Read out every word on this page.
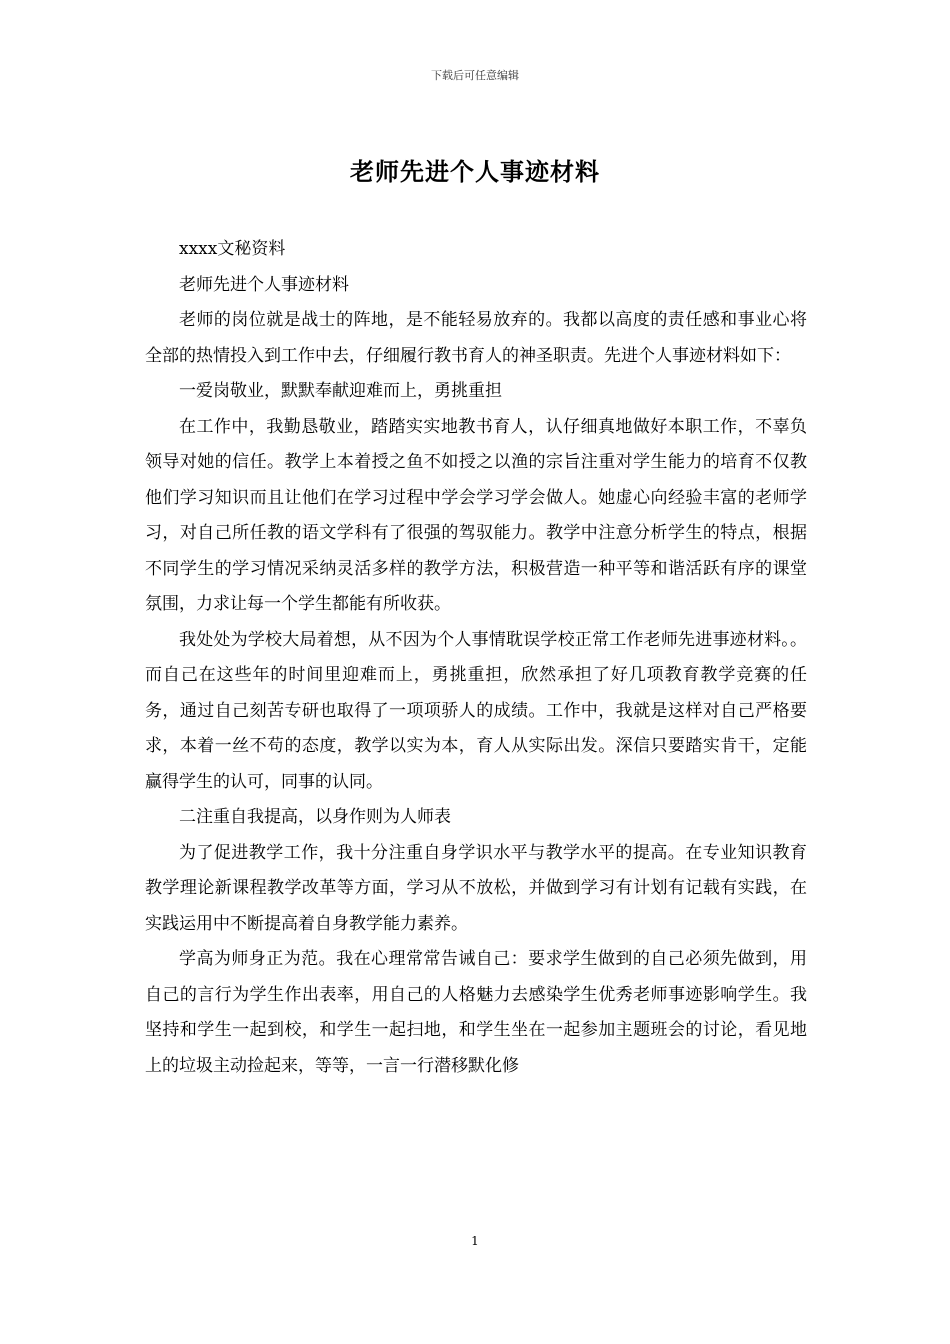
下载后可任意编辑
老师先进个人事迹材料

xxxx文秘资料

老师先进个人事迹材料

老师的岗位就是战士的阵地，是不能轻易放弃的。我都以高度的责任感和事业心将全部的热情投入到工作中去，仔细履行教书育人的神圣职责。先进个人事迹材料如下：

一爱岗敬业，默默奉献迎难而上，勇挑重担

在工作中，我勤恳敬业，踏踏实实地教书育人，认仔细真地做好本职工作，不辜负领导对她的信任。教学上本着授之鱼不如授之以渔的宗旨注重对学生能力的培育不仅教他们学习知识而且让他们在学习过程中学会学习学会做人。她虚心向经验丰富的老师学习，对自己所任教的语文学科有了很强的驾驭能力。教学中注意分析学生的特点，根据不同学生的学习情况采纳灵活多样的教学方法，积极营造一种平等和谐活跃有序的课堂氛围，力求让每一个学生都能有所收获。

我处处为学校大局着想，从不因为个人事情耽误学校正常工作老师先进事迹材料。。而自己在这些年的时间里迎难而上，勇挑重担，欣然承担了好几项教育教学竞赛的任务，通过自己刻苦专研也取得了一项项骄人的成绩。工作中，我就是这样对自己严格要求，本着一丝不苟的态度，教学以实为本，育人从实际出发。深信只要踏实肯干，定能赢得学生的认可，同事的认同。

二注重自我提高，以身作则为人师表

为了促进教学工作，我十分注重自身学识水平与教学水平的提高。在专业知识教育教学理论新课程教学改革等方面，学习从不放松，并做到学习有计划有记载有实践，在实践运用中不断提高着自身教学能力素养。

学高为师身正为范。我在心理常常告诫自己：要求学生做到的自己必须先做到，用自己的言行为学生作出表率，用自己的人格魅力去感染学生优秀老师事迹影响学生。我坚持和学生一起到校，和学生一起扫地，和学生坐在一起参加主题班会的讨论，看见地上的垃圾主动捡起来，等等，一言一行潜移默化修

1
